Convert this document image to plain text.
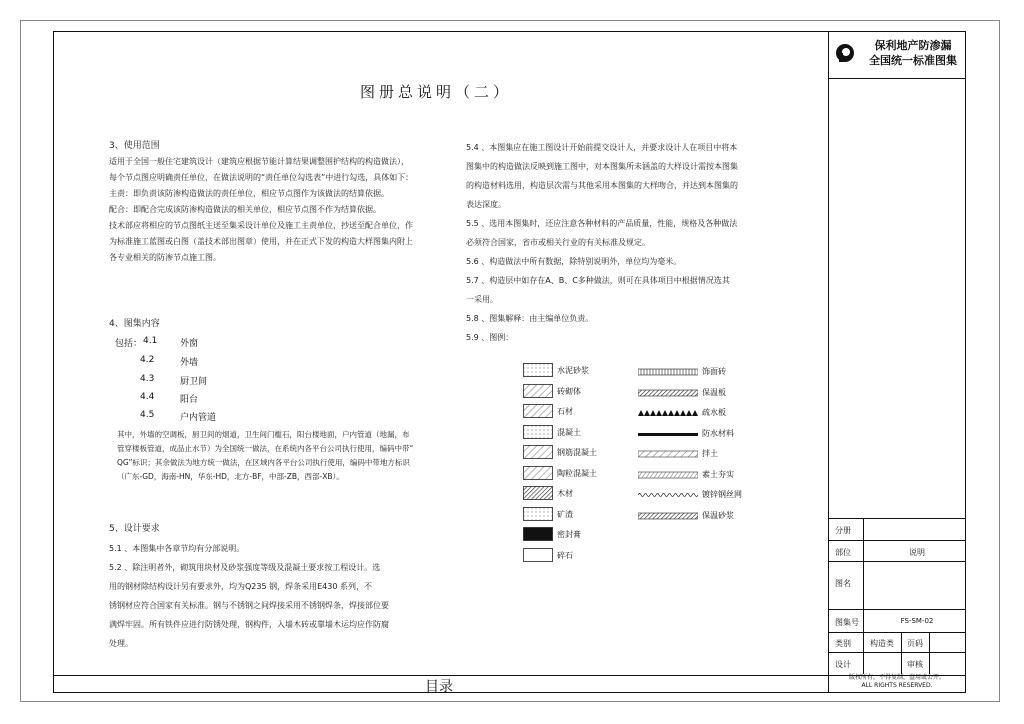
图册总说明（二）

3、使用范围

适用于全国一般住宅建筑设计（建筑应根据节能计算结果调整围护结构的构造做法），

每个节点图应明确责任单位，在做法说明的“责任单位勾选表”中进行勾选，具体如下：

主责：即负责该防渗构造做法的责任单位，相应节点图作为该做法的结算依据。

配合：即配合完成该防渗构造做法的相关单位，相应节点图不作为结算依据。

技术部应将相应的节点图纸主送至集采设计单位及施工主责单位，抄送至配合单位，作

为标准施工蓝图或白图（盖技术部出图章）使用，并在正式下发的构造大样图集内附上

各专业相关的防渗节点施工图。

4、图集内容

包括： 4.1	外窗
4.2	外墙
4.3	厨卫间
4.4	阳台
4.5	户内管道

其中，外墙的空调板，厨卫间的烟道，卫生间门槛石，阳台楼地面，户内管道（地漏，布

管穿楼板管道，成品止水节）为全国统一做法，在系统内各平台公司执行使用，编码中带“

QG”标识；其余做法为地方统一做法，在区域内各平台公司执行使用，编码中带地方标识

（广东-GD，海南-HN，华东-HD，北方-BF，中部-ZB，西部-XB）。

5、设计要求

5.1 、本图集中各章节均有分部说明。

5.2 、除注明者外，砌筑用块材及砂浆强度等级及混凝土要求按工程设计。选

用的钢材除结构设计另有要求外，均为Q235 钢，焊条采用E430 系列，不

锈钢材应符合国家有关标准。钢与不锈钢之间焊接采用不锈钢焊条，焊接部位要

满焊牢固。所有铁件应进行防锈处理，钢构件，入墙木砖或靠墙木运均应作防腐

处理。

5.4 、本图集应在施工图设计开始前提交设计人，并要求设计人在项目中将本

图集中的构造做法反映到施工图中，对本图集所未涵盖的大样设计需按本图集

的构造材料选用，构造层次需与其他采用本图集的大样吻合，并达到本图集的

表达深度。

5.5 、选用本图集时，还应注意各种材料的产品质量，性能，规格及各种做法

必须符合国家，省市或相关行业的有关标准及规定。

5.6 、构造做法中所有数据，除特别说明外，单位均为毫米。

5.7 、构造层中如存在A、B、C多种做法，则可在具体项目中根据情况选其

一采用。

5.8 、图集解释：由主编单位负责。

5.9 、图例：

水泥砂浆
砖砌体
石材
混凝土
钢筋混凝土
陶粒混凝土
木材
矿渣
密封膏
碎石
饰面砖
保温板
疏水板
防水材料
拌土
素土夯实
镀锌钢丝网
保温砂浆
目录
保利地产防渗漏
全国统一标准图集
分册
部位	说明
图名
图集号	FS-SM-02
类别	构造类	页码
设计	审核
版权所有，不得复制，盗用或公开。
ALL RIGHTS RESERVED.
